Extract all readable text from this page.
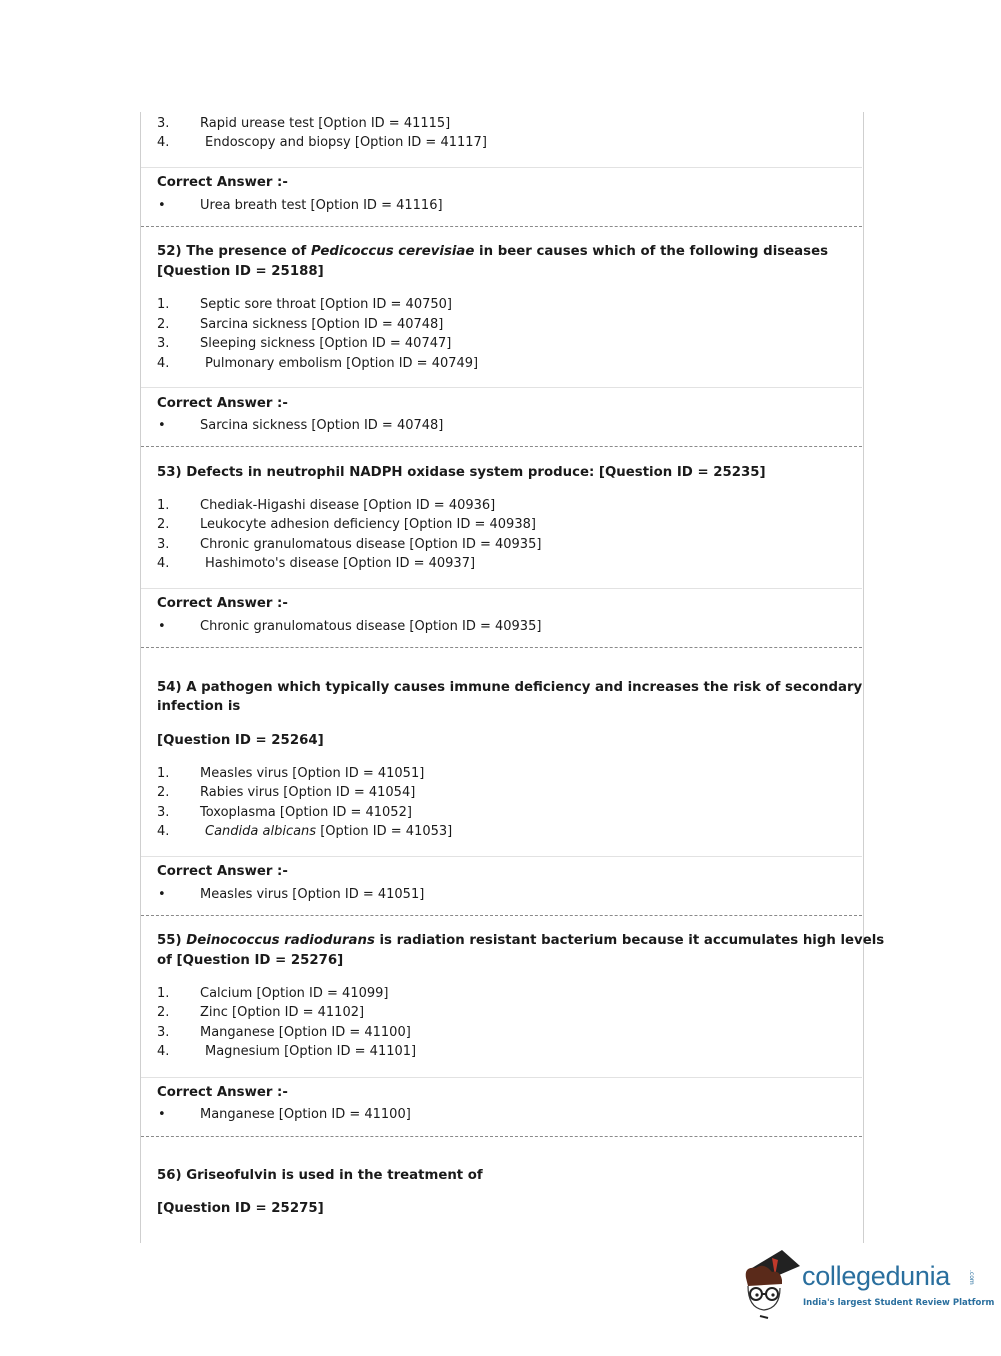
3. Rapid urease test [Option ID = 41115]
4.	Endoscopy and biopsy [Option ID = 41117]
Correct Answer :-
•	Urea breath test [Option ID = 41116]
52) The presence of Pedicoccus cerevisiae in beer causes which of the following diseases
[Question ID = 25188]
1. Septic sore throat [Option ID = 40750]
2. Sarcina sickness [Option ID = 40748]
3. Sleeping sickness [Option ID = 40747]
4.	Pulmonary embolism [Option ID = 40749]
Correct Answer :-
•	Sarcina sickness [Option ID = 40748]
53) Defects in neutrophil NADPH oxidase system produce: [Question ID = 25235]
1. Chediak-Higashi disease [Option ID = 40936]
2. Leukocyte adhesion deficiency [Option ID = 40938]
3. Chronic granulomatous disease [Option ID = 40935]
4.	Hashimoto's disease [Option ID = 40937]
Correct Answer :-
•	Chronic granulomatous disease [Option ID = 40935]
54) A pathogen which typically causes immune deficiency and increases the risk of secondary
infection is
[Question ID = 25264]
1. Measles virus [Option ID = 41051]
2. Rabies virus [Option ID = 41054]
3. Toxoplasma [Option ID = 41052]
4.	Candida albicans [Option ID = 41053]
Correct Answer :-
•	Measles virus [Option ID = 41051]
55) Deinococcus radiodurans is radiation resistant bacterium because it accumulates high levels
of [Question ID = 25276]
1. Calcium [Option ID = 41099]
2. Zinc [Option ID = 41102]
3. Manganese [Option ID = 41100]
4.	Magnesium [Option ID = 41101]
Correct Answer :-
•	Manganese [Option ID = 41100]
56) Griseofulvin is used in the treatment of
[Question ID = 25275]
collegedunia	.com
India's largest Student Review Platform
